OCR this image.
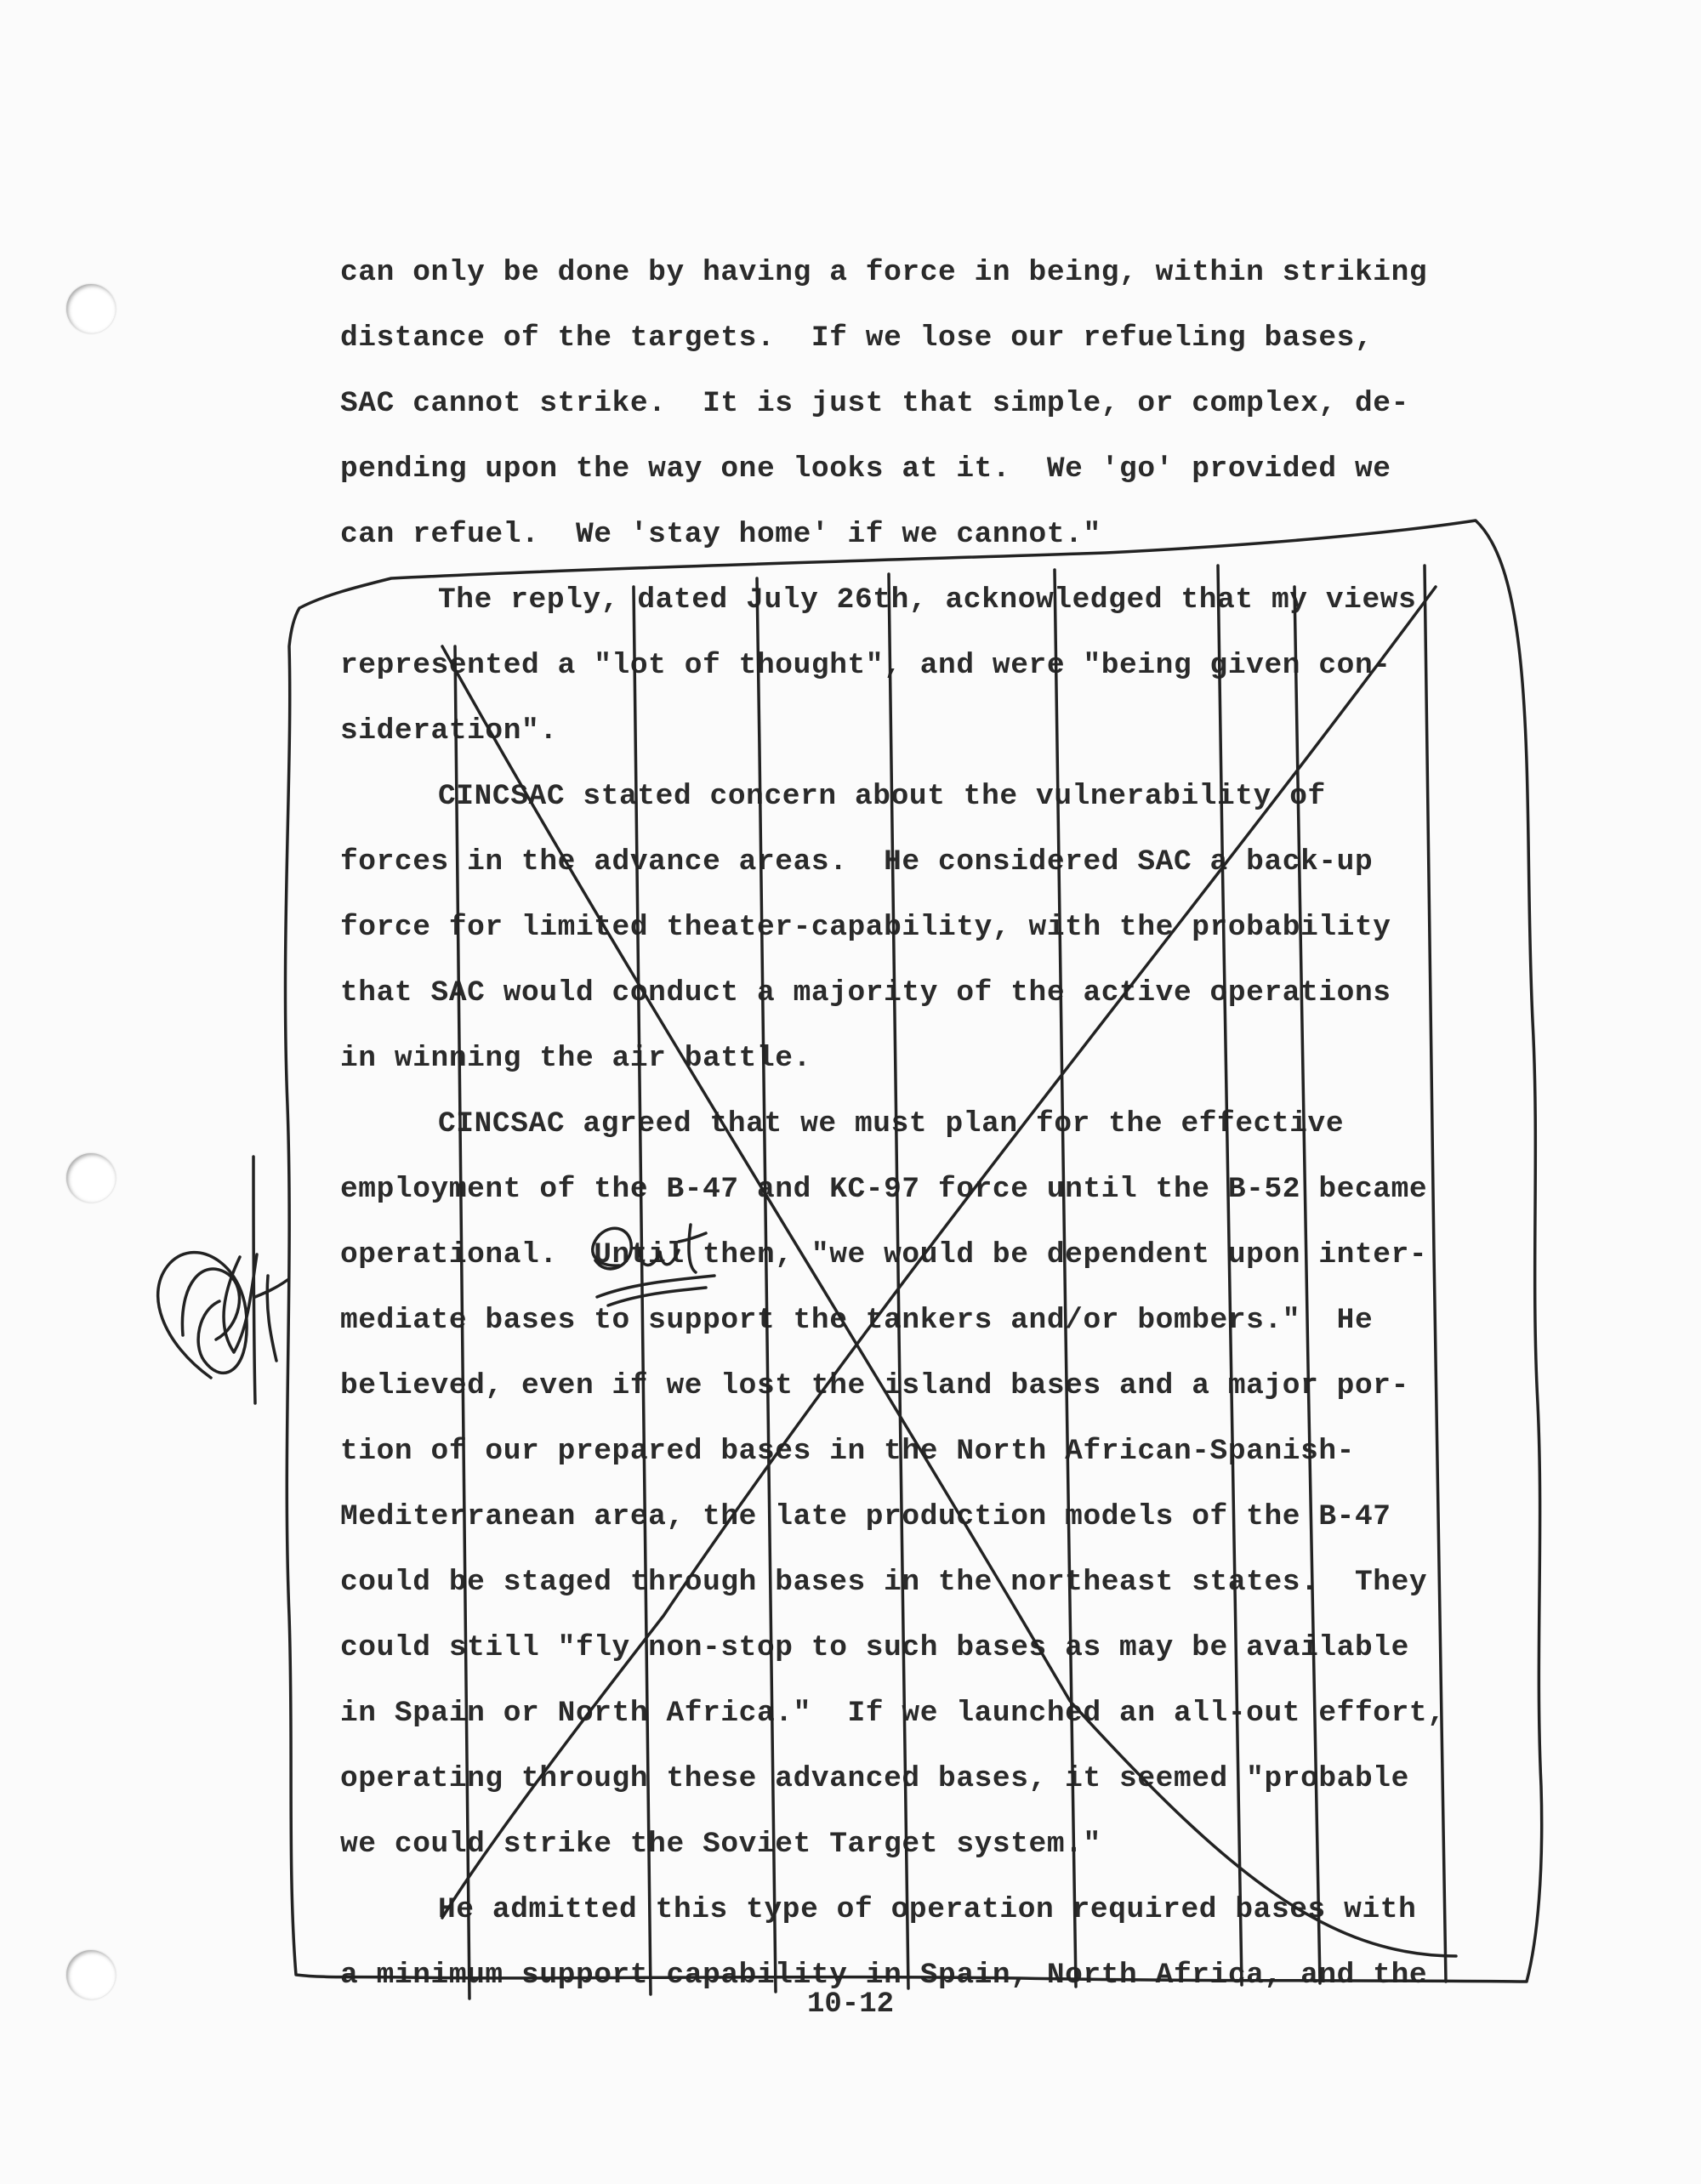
can only be done by having a force in being, within striking
distance of the targets.  If we lose our refueling bases,
SAC cannot strike.  It is just that simple, or complex, de-
pending upon the way one looks at it.  We 'go' provided we
can refuel.  We 'stay home' if we cannot."

The reply, dated July 26th, acknowledged that my views
represented a "lot of thought", and were "being given con-
sideration".

CINCSAC stated concern about the vulnerability of
forces in the advance areas.  He considered SAC a back-up
force for limited theater-capability, with the probability
that SAC would conduct a majority of the active operations
in winning the air battle.

CINCSAC agreed that we must plan for the effective
employment of the B-47 and KC-97 force until the B-52 became
operational.  Until then, "we would be dependent upon inter-
mediate bases to support the tankers and/or bombers."  He
believed, even if we lost the island bases and a major por-
tion of our prepared bases in the North African-Spanish-
Mediterranean area, the late production models of the B-47
could be staged through bases in the northeast states.  They
could still "fly non-stop to such bases as may be available
in Spain or North Africa."  If we launched an all-out effort,
operating through these advanced bases, it seemed "probable
we could strike the Soviet Target system."

He admitted this type of operation required bases with
a minimum support capability in Spain, North Africa, and the

10-12
